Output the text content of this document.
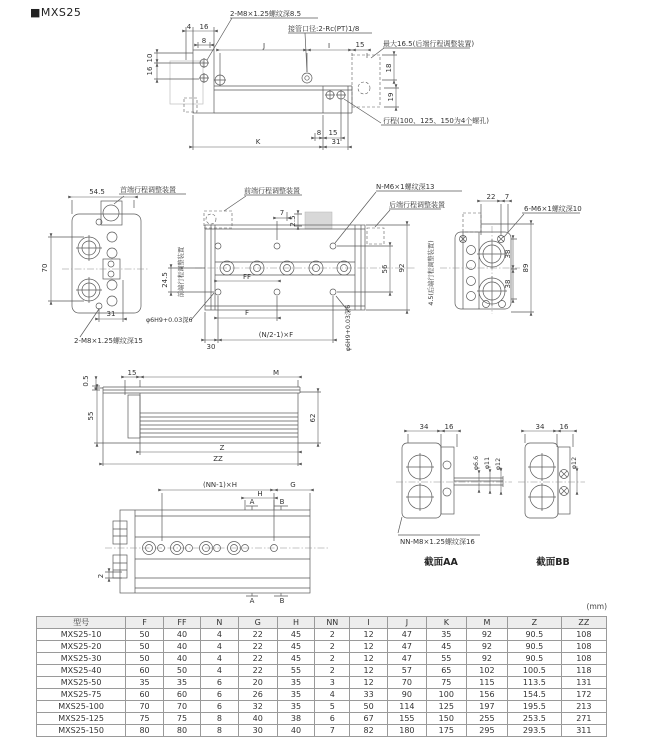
■MXS25	2-M8×1.25螺纹深8.5
接管口径:2-Rc(PT)1/8
最大16.5(后端行程调整装置)
行程(100、125、150为4个螺孔)
4 16
8
J	I	15
10
16	18
19
8 15
31
K
54.5 首端行程调整装置
70
31
2-M8×1.25螺纹深15
前端行程调整装置	N-M6×1螺纹深13
后端行程调整装置
7
2.5
24.5	前端行程调整装置	FF
F
30
(N/2-1)×F
56 92
φ6H9+0.03深6
φ6H9+0.03深6
22 7
6-M6×1螺纹深10
38
38
89
4.5(后端行程调整装置)
0.5
15	M
55	62
Z
ZZ
(NN-1)×H	G
H
A	B
A	B
2
34 16
φ6.6 φ11 φ12
NN-M8×1.25螺纹深16
截面AA
34 16
φ12
截面BB
(mm)
型号	F	FF	N	G	H	NN	I	J	K	M	Z	ZZ
MXS25-10	50	40	4	22	45	2	12	47	35	92	90.5	108
MXS25-20	50	40	4	22	45	2	12	47	45	92	90.5	108
MXS25-30	50	40	4	22	45	2	12	47	55	92	90.5	108
MXS25-40	60	50	4	22	55	2	12	57	65	102	100.5	118
MXS25-50	35	35	6	20	35	3	12	70	75	115	113.5	131
MXS25-75	60	60	6	26	35	4	33	90	100	156	154.5	172
MXS25-100	70	70	6	32	35	5	50	114	125	197	195.5	213
MXS25-125	75	75	8	40	38	6	67	155	150	255	253.5	271
MXS25-150	80	80	8	30	40	7	82	180	175	295	293.5	311
